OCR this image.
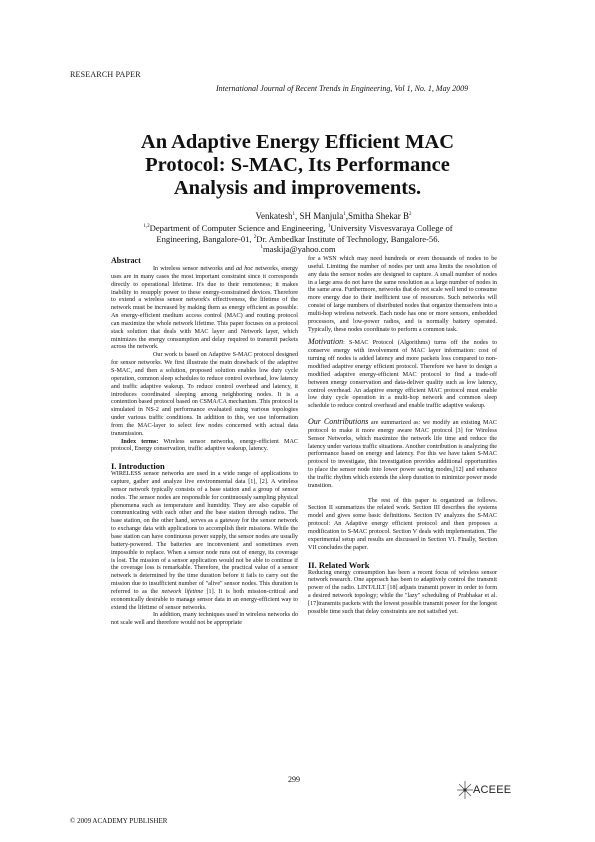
RESEARCH PAPER
International Journal of Recent Trends in Engineering, Vol 1, No. 1, May 2009
An Adaptive Energy Efficient MAC
Protocol: S-MAC, Its Performance
Analysis and improvements.
Venkatesh$^1$, SH Manjula$^1$,Smitha Shekar $B^2$
$^{1,2}$Department of Computer Science and Engineering, $^1$University Visvesvaraya College of
Engineering, Bangalore-01, $^2$Dr. Ambedkar Institute of Technology, Bangalore-56.
$^1$maskija@yahoo.com

Abstract

In wireless sensor networks and ad hoc networks, energy uses are in many cases the most important constraint since it corresponds directly to operational lifetime. It's due to their remoteness; it makes inability to resupply power to these energy-constrained devices. Therefore to extend a wireless sensor network's effectiveness, the lifetime of the network must be increased by making them as energy efficient as possible. An energy-efficient medium access control (MAC) and routing protocol can maximize the whole network lifetime. This paper focuses on a protocol stack solution that deals with MAC layer and Network layer, which minimizes the energy consumption and delay required to transmit packets across the network.

Our work is based on Adaptive S-MAC protocol designed for sensor networks. We first illustrate the main drawback of the adaptive S-MAC, and then a solution, proposed solution enables low duty cycle operation, common sleep schedules to reduce control overhead, low latency and traffic adaptive wakeup. To reduce control overhead and latency, it introduces coordinated sleeping among neighboring nodes. It is a contention based protocol based on CSMA/CA mechanism. This protocol is simulated in NS-2 and performance evaluated using various topologies under various traffic conditions. In addition to this, we use information from the MAC-layer to select few nodes concerned with actual data transmission.

Index terms: Wireless sensor networks, energy-efficient MAC protocol, Energy conservation, traffic adaptive wakeup, latency.

I. Introduction

WIRELESS sensor networks are used in a wide range of applications to capture, gather and analyze live environmental data [1], [2]. A wireless sensor network typically consists of a base station and a group of sensor nodes. The sensor nodes are responsible for continuously sampling physical phenomena such as temperature and humidity. They are also capable of communicating with each other and the base station through radios. The base station, on the other hand, serves as a gateway for the sensor network to exchange data with applications to accomplish their missions. While the base station can have continuous power supply, the sensor nodes are usually battery-powered. The batteries are inconvenient and sometimes even impossible to replace. When a sensor node runs out of energy, its coverage is lost. The mission of a sensor application would not be able to continue if the coverage loss is remarkable. Therefore, the practical value of a sensor network is determined by the time duration before it fails to carry out the mission due to insufficient number of "alive" sensor nodes. This duration is referred to as the network lifetime [1]. It is both mission-critical and economically desirable to manage sensor data in an energy-efficient way to extend the lifetime of sensor networks.

In addition, many techniques used in wireless networks do not scale well and therefore would not be appropriate

for a WSN which may need hundreds or even thousands of nodes to be useful. Limiting the number of nodes per unit area limits the resolution of any data the sensor nodes are designed to capture. A small number of nodes in a large area do not have the same resolution as a large number of nodes in the same area. Furthermore, networks that do not scale well tend to consume more energy due to their inefficient use of resources. Such networks will consist of large numbers of distributed nodes that organize themselves into a multi-hop wireless network. Each node has one or more sensors, embedded processors, and low-power radios, and is normally battery operated. Typically, these nodes coordinate to perform a common task.

Motivation: S-MAC Protocol (Algorithms) turns off the nodes to conserve energy with involvement of MAC layer information: cost of turning off nodes is added latency and more packets loss compared to non-modified adaptive energy efficient protocol. Therefore we have to design a modified adaptive energy-efficient MAC protocol to find a trade-off between energy conservation and data-deliver quality such as low latency, control overhead. An adaptive energy efficient MAC protocol must enable low duty cycle operation in a multi-hop network and common sleep schedule to reduce control overhead and enable traffic adaptive wakeup.

Our Contributions are summarized as: we modify an existing MAC protocol to make it more energy aware MAC protocol [3] for Wireless Sensor Networks, which maximize the network life time and reduce the latency under various traffic situations. Another contribution is analyzing the performance based on energy and latency. For this we have taken S-MAC protocol to investigate, this investigation provides additional opportunities to place the sensor node into lower power saving modes,[12] and enhance the traffic rhythm which extends the sleep duration to minimize power mode transition.

The rest of this paper is organized as follows. Section II summarizes the related work. Section III describes the systems model and gives some basic definitions. Section IV analyzes the S-MAC protocol: An Adaptive energy efficient protocol and then proposes a modification to S-MAC protocol. Section V deals with implementation. The experimental setup and results are discussed in Section VI. Finally, Section VII concludes the paper.

II. Related Work

Reducing energy consumption has been a recent focus of wireless sensor network research. One approach has been to adaptively control the transmit power of the radio. LINT/LILT [18] adjusts transmit power in order to form a desired network topology; while the "lazy" scheduling of Prabhakar et al. [17]transmits packets with the lowest possible transmit power for the longest possible time such that delay constraints are not satisfied yet.

299
ACEEE
© 2009 ACADEMY PUBLISHER
